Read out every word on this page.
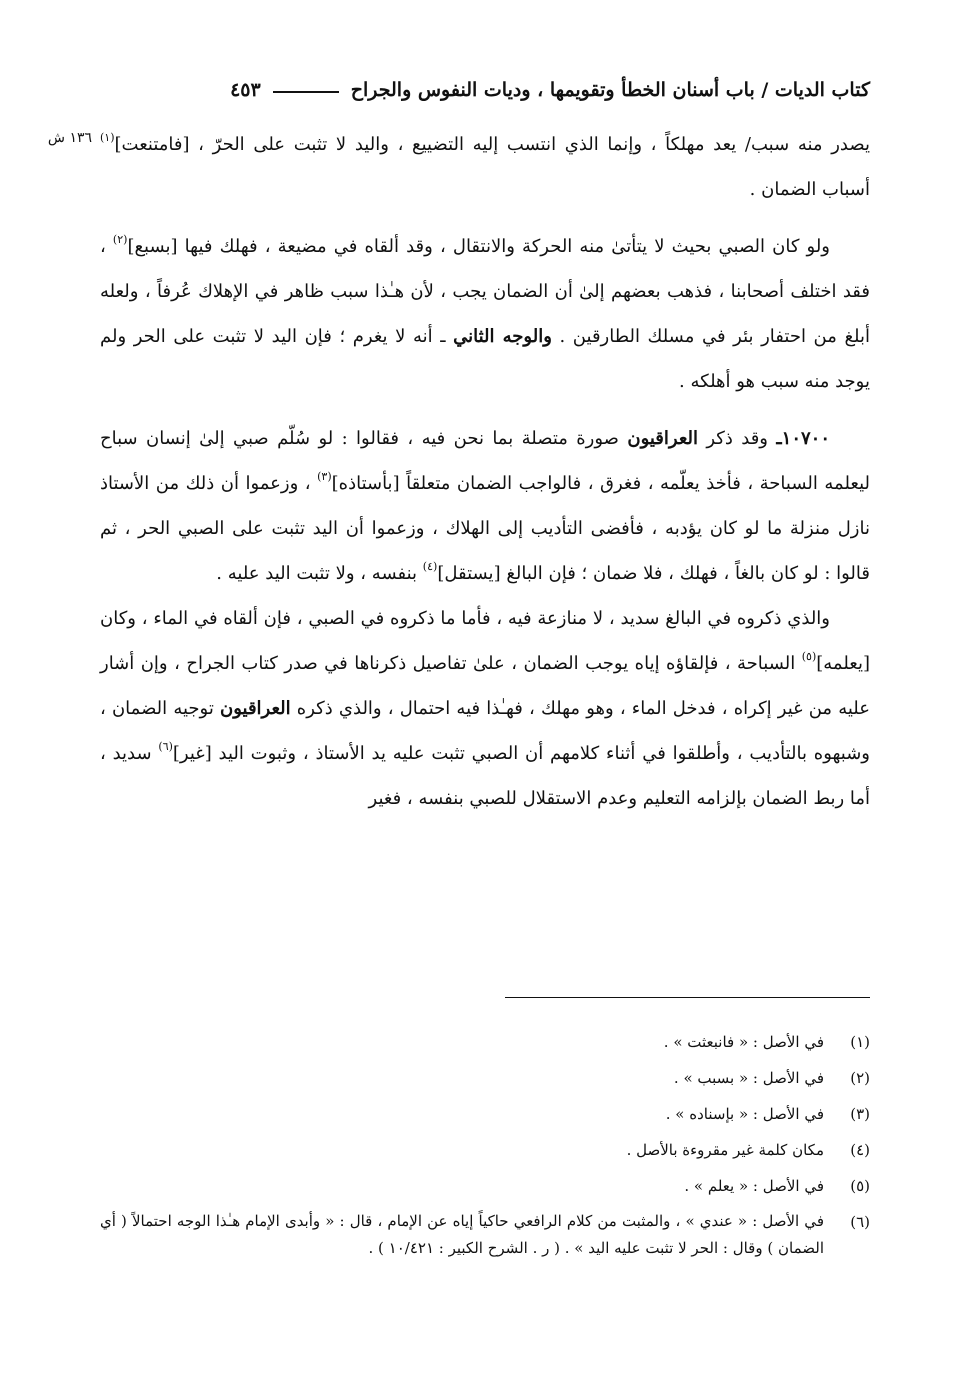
كتاب الديات / باب أسنان الخطأ وتقويمها ، وديات النفوس والجراح
٤٥٣
١٣٦ ش	يصدر منه سبب/ يعد مهلكاً ، وإنما الذي انتسب إليه التضييع ، واليد لا تثبت على الحرّ ، [فامتنعت]$^{(١)}$ أسباب الضمان .

ولو كان الصبي بحيث لا يتأتىٰ منه الحركة والانتقال ، وقد ألقاه في مضيعة ، فهلك فيها [بسبع]$^{(٢)}$ ، فقد اختلف أصحابنا ، فذهب بعضهم إلىٰ أن الضمان يجب ، لأن هـٰذا سبب ظاهر في الإهلاك عُرفاً ، ولعله أبلغ من احتفار بئر في مسلك الطارقين . والوجه الثاني ـ أنه لا يغرم ؛ فإن اليد لا تثبت على الحر ولم يوجد منه سبب هو أهلكه .

١٠٧٠٠ـ وقد ذكر العراقيون صورة متصلة بما نحن فيه ، فقالوا : لو سُلّم صبي إلىٰ إنسان سباح ليعلمه السباحة ، فأخذ يعلّمه ، فغرق ، فالواجب الضمان متعلقاً [بأستاذه]$^{(٣)}$ ، وزعموا أن ذلك من الأستاذ نازل منزلة ما لو كان يؤدبه ، فأفضى التأديب إلى الهلاك ، وزعموا أن اليد تثبت على الصبي الحر ، ثم قالوا : لو كان بالغاً ، فهلك ، فلا ضمان ؛ فإن البالغ [يستقل]$^{(٤)}$ بنفسه ، ولا تثبت اليد عليه .

والذي ذكروه في البالغ سديد ، لا منازعة فيه ، فأما ما ذكروه في الصبي ، فإن ألقاه في الماء ، وكان [يعلمه]$^{(٥)}$ السباحة ، فإلقاؤه إياه يوجب الضمان ، علىٰ تفاصيل ذكرناها في صدر كتاب الجراح ، وإن أشار عليه من غير إكراه ، فدخل الماء ، وهو مهلك ، فهـٰذا فيه احتمال ، والذي ذكره العراقيون توجيه الضمان ، وشبهوه بالتأديب ، وأطلقوا في أثناء كلامهم أن الصبي تثبت عليه يد الأستاذ ، وثبوت اليد [غير]$^{(٦)}$ سديد ، أما ربط الضمان بإلزامه التعليم وعدم الاستقلال للصبي بنفسه ، فغير

(١)
في الأصل : « فانبعثت » .
(٢)
في الأصل : « بسبب » .
(٣)
في الأصل : « بإسناده » .
(٤)
مكان كلمة غير مقروءة بالأصل .
(٥)
في الأصل : « يعلم » .
(٦)
في الأصل : « عندي » ، والمثبت من كلام الرافعي حاكياً إياه عن الإمام ، قال : « وأبدى الإمام هـٰذا الوجه احتمالاً ( أي الضمان ) وقال : الحر لا تثبت عليه اليد » . ( ر . الشرح الكبير : ١٠/٤٢١ ) .
